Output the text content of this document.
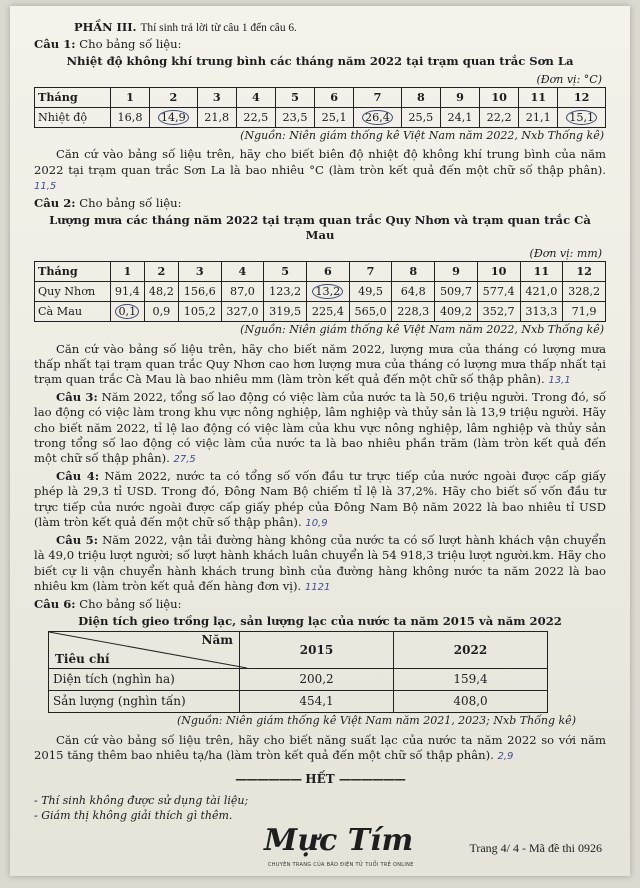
PHẦN III. Thí sinh trả lời từ câu 1 đến câu 6.
Câu 1: Cho bảng số liệu:
Nhiệt độ không khí trung bình các tháng năm 2022 tại trạm quan trắc Sơn La
(Đơn vị: °C)
Tháng	1	2	3	4	5	6	7	8	9	10	11	12
Nhiệt độ	16,8	14,9	21,8	22,5	23,5	25,1	26,4	25,5	24,1	22,2	21,1	15,1
(Nguồn: Niên giám thống kê Việt Nam năm 2022, Nxb Thống kê)

Căn cứ vào bảng số liệu trên, hãy cho biết biên độ nhiệt độ không khí trung bình của năm 2022 tại trạm quan trắc Sơn La là bao nhiêu °C (làm tròn kết quả đến một chữ số thập phân). 11,5

Câu 2: Cho bảng số liệu:
Lượng mưa các tháng năm 2022 tại trạm quan trắc Quy Nhơn và trạm quan trắc Cà Mau
(Đơn vị: mm)
Tháng	1	2	3	4	5	6	7	8	9	10	11	12
Quy Nhơn	91,4	48,2	156,6	87,0	123,2	13,2	49,5	64,8	509,7	577,4	421,0	328,2
Cà Mau	0,1	0,9	105,2	327,0	319,5	225,4	565,0	228,3	409,2	352,7	313,3	71,9
(Nguồn: Niên giám thống kê Việt Nam năm 2022, Nxb Thống kê)

Căn cứ vào bảng số liệu trên, hãy cho biết năm 2022, lượng mưa của tháng có lượng mưa thấp nhất tại trạm quan trắc Quy Nhơn cao hơn lượng mưa của tháng có lượng mưa thấp nhất tại trạm quan trắc Cà Mau là bao nhiêu mm (làm tròn kết quả đến một chữ số thập phân). 13,1

Câu 3: Năm 2022, tổng số lao động có việc làm của nước ta là 50,6 triệu người. Trong đó, số lao động có việc làm trong khu vực nông nghiệp, lâm nghiệp và thủy sản là 13,9 triệu người. Hãy cho biết năm 2022, tỉ lệ lao động có việc làm của khu vực nông nghiệp, lâm nghiệp và thủy sản trong tổng số lao động có việc làm của nước ta là bao nhiêu phần trăm (làm tròn kết quả đến một chữ số thập phân). 27,5

Câu 4: Năm 2022, nước ta có tổng số vốn đầu tư trực tiếp của nước ngoài được cấp giấy phép là 29,3 tỉ USD. Trong đó, Đông Nam Bộ chiếm tỉ lệ là 37,2%. Hãy cho biết số vốn đầu tư trực tiếp của nước ngoài được cấp giấy phép của Đông Nam Bộ năm 2022 là bao nhiêu tỉ USD (làm tròn kết quả đến một chữ số thập phân). 10,9

Câu 5: Năm 2022, vận tải đường hàng không của nước ta có số lượt hành khách vận chuyển là 49,0 triệu lượt người; số lượt hành khách luân chuyển là 54 918,3 triệu lượt người.km. Hãy cho biết cự li vận chuyển hành khách trung bình của đường hàng không nước ta năm 2022 là bao nhiêu km (làm tròn kết quả đến hàng đơn vị). 1121

Câu 6: Cho bảng số liệu:
Diện tích gieo trồng lạc, sản lượng lạc của nước ta năm 2015 và năm 2022
Năm
Tiêu chí	2015	2022
Diện tích (nghìn ha)	200,2	159,4
Sản lượng (nghìn tấn)	454,1	408,0
(Nguồn: Niên giám thống kê Việt Nam năm 2021, 2023; Nxb Thống kê)

Căn cứ vào bảng số liệu trên, hãy cho biết năng suất lạc của nước ta năm 2022 so với năm 2015 tăng thêm bao nhiêu tạ/ha (làm tròn kết quả đến một chữ số thập phân). 2,9

—————— HẾT ——————
- Thí sinh không được sử dụng tài liệu;
- Giám thị không giải thích gì thêm.
Mực Tím
CHUYÊN TRANG CỦA BÁO ĐIỆN TỬ TUỔI TRẺ ONLINE
Trang 4/ 4 - Mã đề thi 0926
